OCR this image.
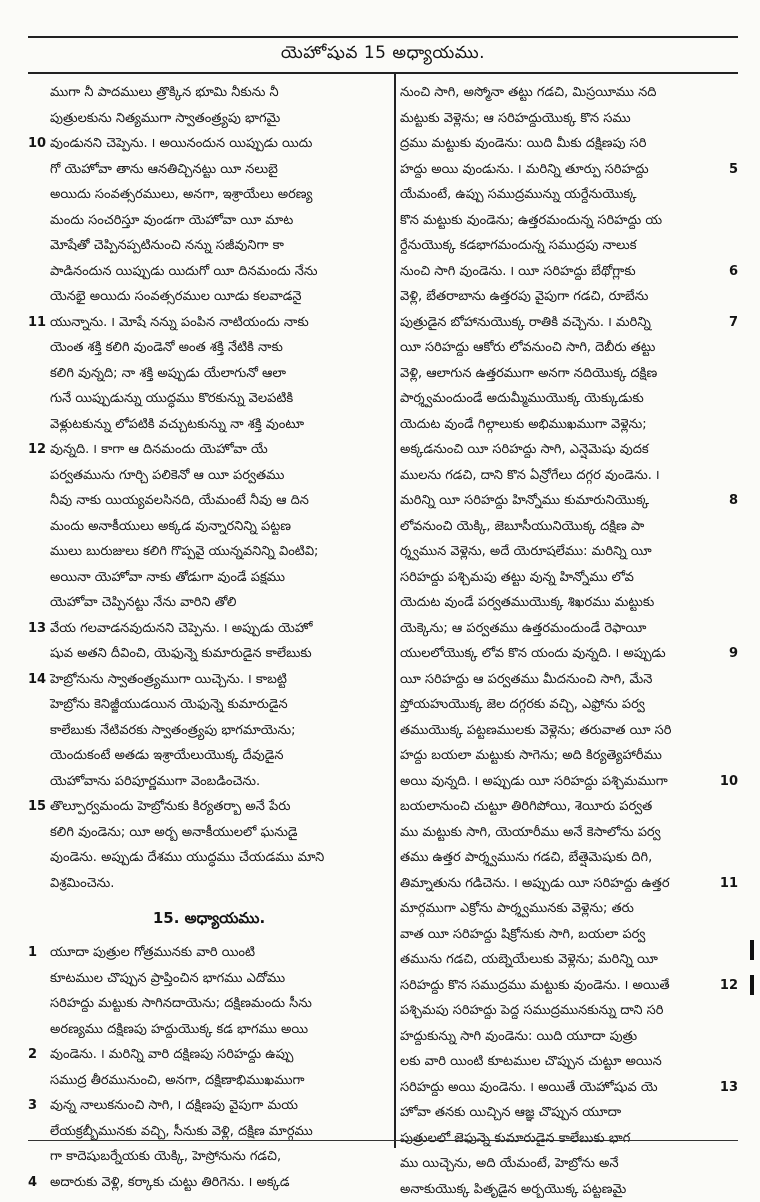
యెహోషువ 15 అధ్యాయము.
ముగా నీ పాదములు త్రొక్కిన భూమి నీకును నీ
పుత్రులకును నిత్యముగా స్వాతంత్ర్యపు భాగమై
10 వుండునని చెప్పెను. ౹ అయినందున యిప్పుడు యిదు
గో యెహోవా తాను ఆనతిచ్చినట్టు యీ నలుబై
అయిదు సంవత్సరములు, అనగా, ఇశ్రాయేలు అరణ్య
మందు సంచరిస్తూ వుండగా యెహోవా యీ మాట
మోషేతో చెప్పినప్పటినుంచి నన్ను సజీవునిగా కా
పాడినందున యిప్పుడు యిదుగో యీ దినమందు నేను
యెనభై అయిదు సంవత్సరముల యీడు కలవాడనై
11 యున్నాను. ౹ మోషే నన్ను పంపిన నాటియందు నాకు
యెంత శక్తి కలిగి వుండెనో అంత శక్తి నేటికి నాకు
కలిగి వున్నది; నా శక్తి అప్పుడు యేలాగునో ఆలా
గునే యిప్పుడున్ను యుద్ధము కొరకున్ను వెలపటికి
వెళ్లుటకున్ను లోపటికి వచ్చుటకున్ను నా శక్తి వుంటూ
12 వున్నది. ౹ కాగా ఆ దినమందు యెహోవా యే
పర్వతమును గూర్చి పలికెనో ఆ యీ పర్వతము
నీవు నాకు యియ్యవలసినది, యేమంటే నీవు ఆ దిన
మందు అనాకీయులు అక్కడ వున్నారనిన్ని పట్టణ
ములు బురుజులు కలిగి గొప్పవై యున్నవనిన్ని వింటివి;
అయినా యెహోవా నాకు తోడుగా వుండే పక్షము
యెహోవా చెప్పినట్టు నేను వారిని తోలి
13 వేయ గలవాడనవుదునని చెప్పెను. ౹ అప్పుడు యెహో
షువ అతని దీవించి, యెఫున్నె కుమారుడైన కాలేబుకు
14 హెబ్రోనును స్వాతంత్ర్యముగా యిచ్చెను. ౹ కాబట్టి
హెబ్రోను కెనిజ్జీయుడయిన యెఫున్నె కుమారుడైన
కాలేబుకు నేటివరకు స్వాతంత్ర్యపు భాగమాయెను;
యెందుకంటే అతడు ఇశ్రాయేలుయొక్క దేవుడైన
యెహోవాను పరిపూర్ణముగా వెంబడించెను.
15 తొల్పూర్వమందు హెబ్రోనుకు కిర్యతర్బా అనే పేరు
కలిగి వుండెను; యీ అర్బ అనాకీయులలో ఘనుడై
వుండెను. అప్పుడు దేశము యుద్ధము చేయడము మాని
విశ్రమించెను.
15. అధ్యాయము.
1 యూదా పుత్రుల గోత్రమునకు వారి యింటి
కూటముల చొప్పున ప్రాప్తించిన భాగము ఎదోము
సరిహద్దు మట్టుకు సాగినదాయెను; దక్షిణమందు సీను
అరణ్యము దక్షిణపు హద్దుయొక్క కడ భాగము అయి
2 వుండెను. ౹ మరిన్ని వారి దక్షిణపు సరిహద్దు ఉప్పు
సముద్ర తీరమునుంచి, అనగా, దక్షిణాభిముఖముగా
3 వున్న నాలుకనుంచి సాగి, ౹ దక్షిణపు వైపుగా మయ
లేయక్రబ్బీమునకు వచ్చి, సీనుకు వెళ్లి, దక్షిణ మార్గము
గా కాదెషుబర్నేయకు యెక్కి, హెస్రోనును గడచి,
4 అదారుకు వెళ్లి, కర్కాకు చుట్టు తిరిగెను. ౹ అక్కడ
నుంచి సాగి, అస్మోనా తట్టు గడచి, మిస్రయీము నది
మట్టుకు వెళ్లెను; ఆ సరిహద్దుయొక్క కొన సము
ద్రము మట్టుకు వుండెను: యిది మీకు దక్షిణపు సరి
5
హద్దు అయి వుండును. ౹ మరిన్ని తూర్పు సరిహద్దు
యేమంటే, ఉప్పు సముద్రమున్ను యర్దేనుయొక్క
కొన మట్టుకు వుండెను; ఉత్తరమందున్న సరిహద్దు య
ర్దేనుయొక్క కడభాగమందున్న సముద్రపు నాలుక
6
నుంచి సాగి వుండెను. ౹ యీ సరిహద్దు బేథోగ్లాకు
వెళ్లి, బేతరాబాను ఉత్తరపు వైపుగా గడచి, రూబేను
7
పుత్రుడైన బోహానుయొక్క రాతికి వచ్చెను. ౹ మరిన్ని
యీ సరిహద్దు ఆకోరు లోవనుంచి సాగి, దెబీరు తట్టు
వెళ్లి, ఆలాగున ఉత్తరముగా అనగా నదియొక్క దక్షిణ
పార్శ్వమందుండే అదుమ్మీముయొక్క యెక్కుడుకు
యెదుట వుండే గిల్గాలుకు అభిముఖముగా వెళ్లెను;
అక్కడనుంచి యీ సరిహద్దు సాగి, ఎన్షెమెషు వుదక
ములను గడచి, దాని కొన ఏన్రోగేలు దగ్గర వుండెను. ౹
8
మరిన్ని యీ సరిహద్దు హిన్నోము కుమారునియొక్క
లోవనుంచి యెక్కి, జెబూసీయునియొక్క దక్షిణ పా
ర్శ్వమున వెళ్లెను, అదే యెరూషలేము: మరిన్ని యీ
సరిహద్దు పశ్చిమపు తట్టు వున్న హిన్నోము లోవ
యెదుట వుండే పర్వతముయొక్క శిఖరము మట్టుకు
యెక్కెను; ఆ పర్వతము ఉత్తరమందుండే రెఫాయీ
9
యులలోయొక్క లోవ కొన యందు వున్నది. ౹ అప్పుడు
యీ సరిహద్దు ఆ పర్వతము మీదనుంచి సాగి, మేనె
ప్తోయహుయొక్క జెల దగ్గరకు వచ్చి, ఎఫ్రోను పర్వ
తముయొక్క పట్టణములకు వెళ్లెను; తరువాత యీ సరి
హద్దు బయలా మట్టుకు సాగెను; అది కిర్యత్యెహారీము
10
అయి వున్నది. ౹ అప్పుడు యీ సరిహద్దు పశ్చిమముగా
బయలానుంచి చుట్టూ తిరిగిపోయి, శెయీరు పర్వత
ము మట్టుకు సాగి, యెయారీము అనే కెసాలోను పర్వ
తము ఉత్తర పార్శ్వమును గడచి, బేత్షెమెషుకు దిగి,
11
తిమ్నాతును గడిచెను. ౹ అప్పుడు యీ సరిహద్దు ఉత్తర
మార్గముగా ఎక్రోను పార్శ్వమునకు వెళ్లెను; తరు
వాత యీ సరిహద్దు షిక్రోనుకు సాగి, బయలా పర్వ
తమును గడచి, యబ్నెయేలుకు వెళ్లెను; మరిన్ని యీ
12
సరిహద్దు కొన సముద్రము మట్టుకు వుండెను. ౹ అయితే
పశ్చిమపు సరిహద్దు పెద్ద సముద్రమునకున్ను దాని సరి
హద్దుకున్ను సాగి వుండెను: యిది యూదా పుత్రు
లకు వారి యింటి కూటముల చొప్పున చుట్టూ అయిన
13
సరిహద్దు అయి వుండెను. ౹ అయితే యెహోషువ యె
హోవా తనకు యిచ్చిన ఆజ్ఞ చొప్పున యూదా
పుత్రులలో జెఫున్నె కుమారుడైన కాలేబుకు భాగ
ము యిచ్చెను, అది యేమంటే, హెబ్రోను అనే
అనాకుయొక్క పితృడైన అర్బయొక్క పట్టణమై
